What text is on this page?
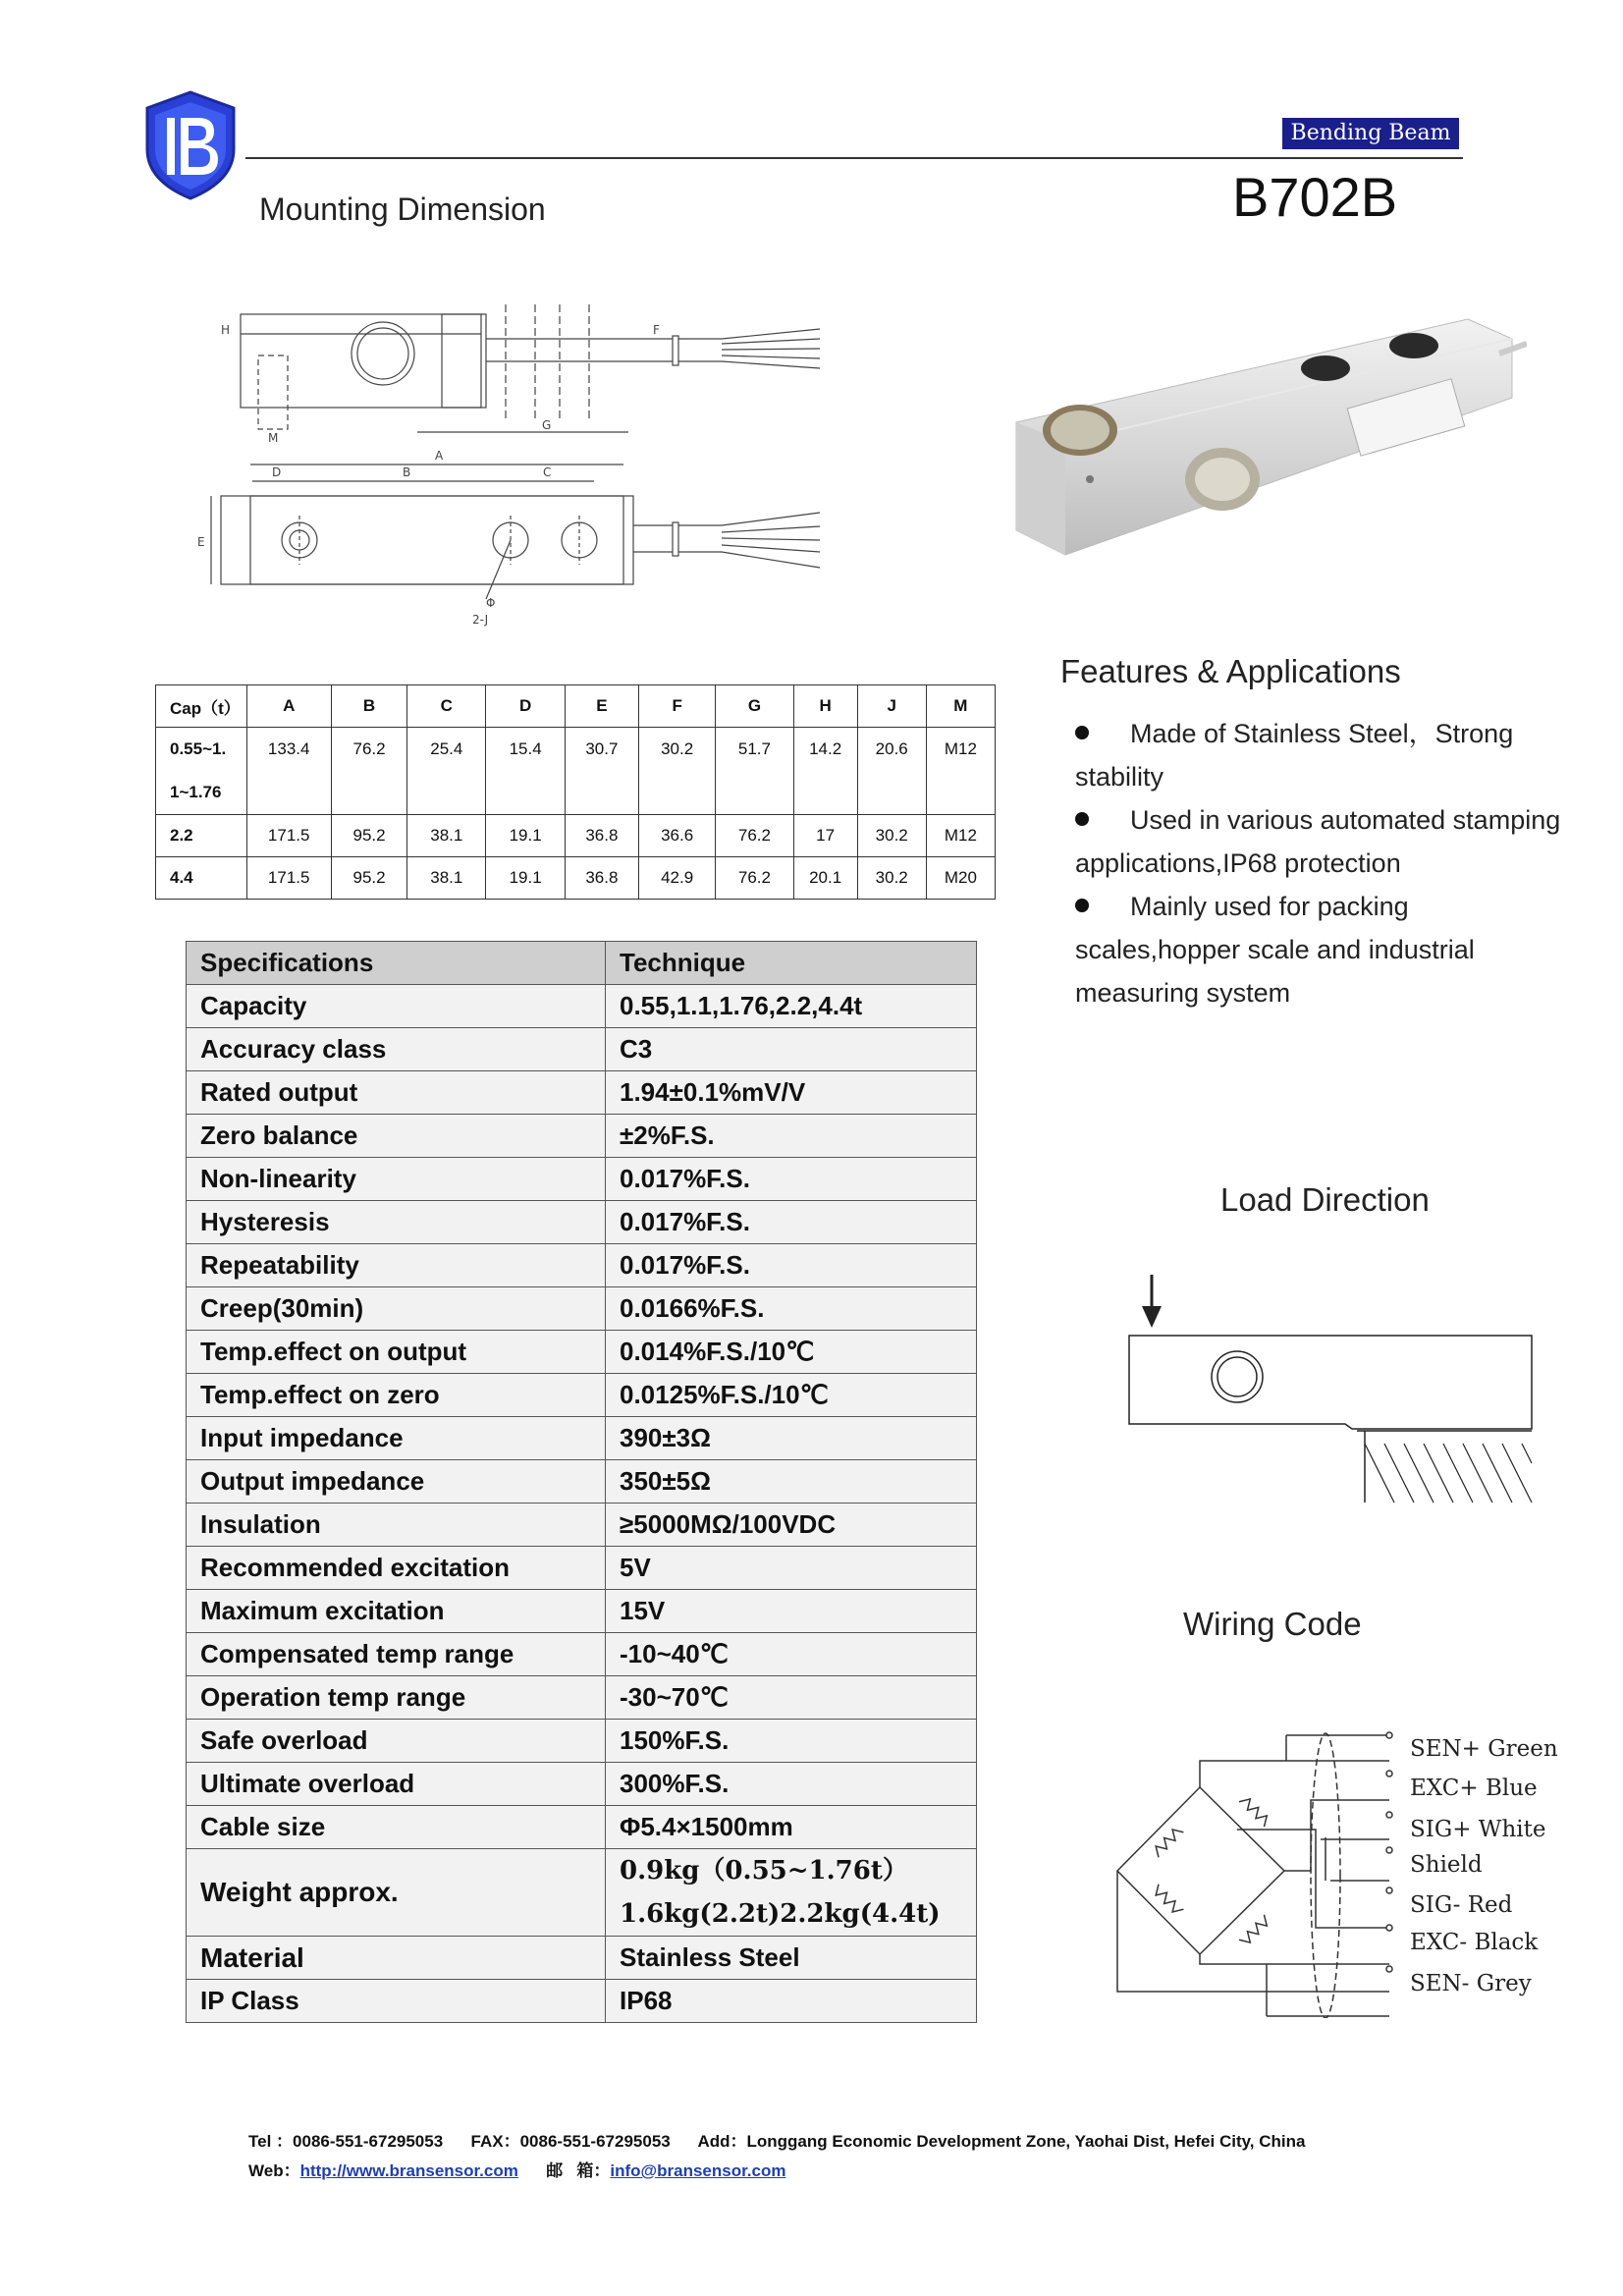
Bending Beam
B702B
Mounting Dimension
G
H
M
F
A
D	B	C
E
Φ
2-J
Cap（t）	A	B	C	D	E	F	G	H	J	M

0.55~1.
1~1.76	133.4	76.2	25.4	15.4	30.7	30.2	51.7	14.2	20.6	M12
2.2	171.5	95.2	38.1	19.1	36.8	36.6	76.2	17	30.2	M12
4.4	171.5	95.2	38.1	19.1	36.8	42.9	76.2	20.1	30.2	M20
Specifications	Technique
Capacity	0.55,1.1,1.76,2.2,4.4t
Accuracy class	C3
Rated output	1.94±0.1%mV/V
Zero balance	±2%F.S.
Non-linearity	0.017%F.S.
Hysteresis	0.017%F.S.
Repeatability	0.017%F.S.
Creep(30min)	0.0166%F.S.
Temp.effect on output	0.014%F.S./10℃
Temp.effect on zero	0.0125%F.S./10℃
Input impedance	390±3Ω
Output impedance	350±5Ω
Insulation	≥5000MΩ/100VDC
Recommended excitation	5V
Maximum excitation	15V
Compensated temp range	-10~40℃
Operation temp range	-30~70℃
Safe overload	150%F.S.
Ultimate overload	300%F.S.
Cable size	Φ5.4×1500mm
Weight approx.	0.9kg（0.55~1.76t）
1.6kg(2.2t)2.2kg(4.4t)

Material	Stainless Steel
IP Class	IP68
Features & Applications
Made of Stainless Steel，Strong
stability
Used in various automated stamping
applications,IP68 protection
Mainly used for packing
scales,hopper scale and industrial
measuring system
Load Direction
Wiring Code
SEN+ Green
EXC+ Blue
SIG+ White
Shield
SIG- Red
EXC- Black
SEN- Grey
Tel ：0086-551-67295053 FAX：0086-551-67295053 Add：Longgang Economic Development Zone, Yaohai Dist, Hefei City, China
Web：http://www.bransensor.com 邮   箱：info@bransensor.com
